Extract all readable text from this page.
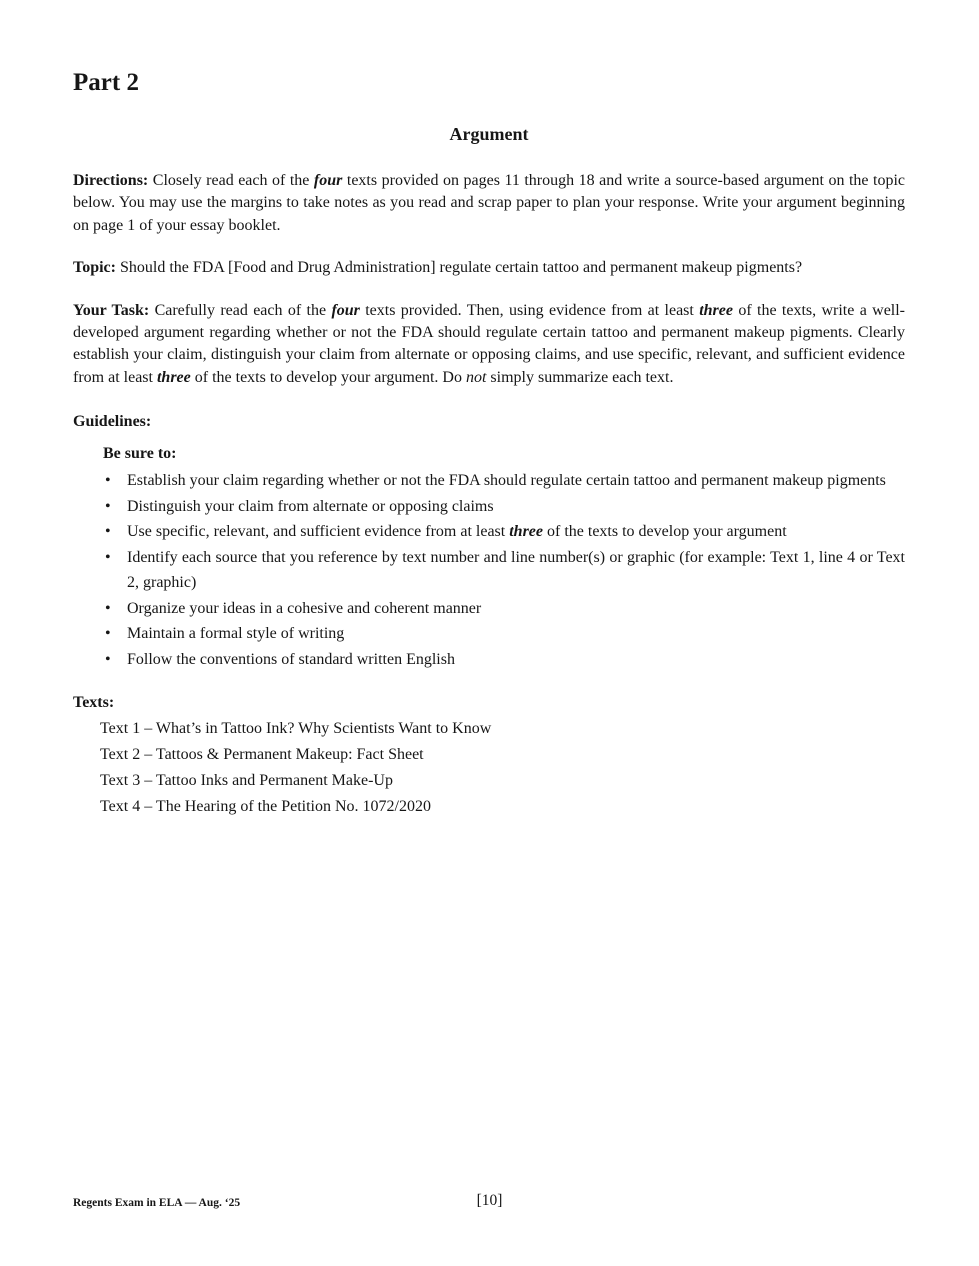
Part 2
Argument

Directions: Closely read each of the four texts provided on pages 11 through 18 and write a source-based argument on the topic below. You may use the margins to take notes as you read and scrap paper to plan your response. Write your argument beginning on page 1 of your essay booklet.

Topic: Should the FDA [Food and Drug Administration] regulate certain tattoo and permanent makeup pigments?

Your Task: Carefully read each of the four texts provided. Then, using evidence from at least three of the texts, write a well-developed argument regarding whether or not the FDA should regulate certain tattoo and permanent makeup pigments. Clearly establish your claim, distinguish your claim from alternate or opposing claims, and use specific, relevant, and sufficient evidence from at least three of the texts to develop your argument. Do not simply summarize each text.

Guidelines:

Be sure to:

• Establish your claim regarding whether or not the FDA should regulate certain tattoo and permanent makeup pigments
• Distinguish your claim from alternate or opposing claims
• Use specific, relevant, and sufficient evidence from at least three of the texts to develop your argument
• Identify each source that you reference by text number and line number(s) or graphic (for example: Text 1, line 4 or Text 2, graphic)
• Organize your ideas in a cohesive and coherent manner
• Maintain a formal style of writing
• Follow the conventions of standard written English

Texts:

Text 1 – What’s in Tattoo Ink? Why Scientists Want to Know
Text 2 – Tattoos & Permanent Makeup: Fact Sheet
Text 3 – Tattoo Inks and Permanent Make-Up
Text 4 – The Hearing of the Petition No. 1072/2020
Regents Exam in ELA — Aug. ‘25	[10]
